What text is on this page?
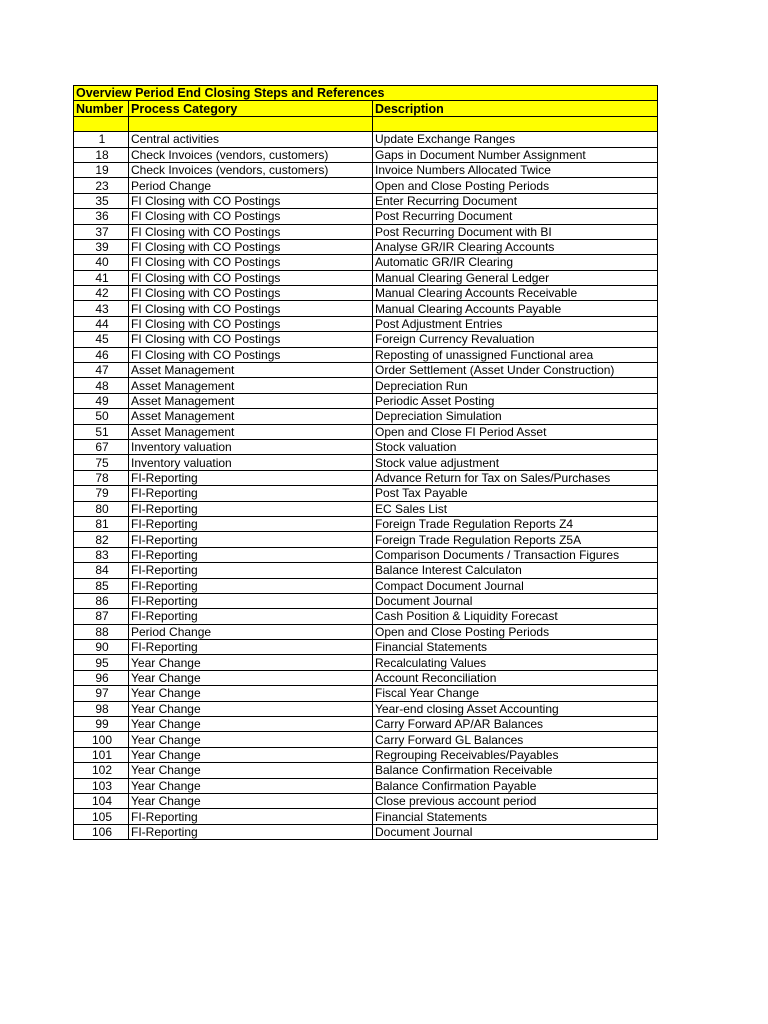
Overview Period End Closing Steps and References		
Number	Process Category	Description

1	Central activities	Update Exchange Ranges
18	Check Invoices (vendors, customers)	Gaps in Document Number Assignment
19	Check Invoices (vendors, customers)	Invoice Numbers Allocated Twice
23	Period Change	Open and Close Posting Periods
35	FI Closing with CO Postings	Enter Recurring Document
36	FI Closing with CO Postings	Post Recurring Document
37	FI Closing with CO Postings	Post Recurring Document with BI
39	FI Closing with CO Postings	Analyse GR/IR Clearing Accounts
40	FI Closing with CO Postings	Automatic GR/IR Clearing
41	FI Closing with CO Postings	Manual Clearing General Ledger
42	FI Closing with CO Postings	Manual Clearing Accounts Receivable
43	FI Closing with CO Postings	Manual Clearing Accounts Payable
44	FI Closing with CO Postings	Post Adjustment Entries
45	FI Closing with CO Postings	Foreign Currency Revaluation
46	FI Closing with CO Postings	Reposting of unassigned Functional area
47	Asset Management	Order Settlement (Asset Under Construction)
48	Asset Management	Depreciation Run
49	Asset Management	Periodic Asset Posting
50	Asset Management	Depreciation Simulation
51	Asset Management	Open and Close FI Period Asset
67	Inventory valuation	Stock valuation
75	Inventory valuation	Stock value adjustment
78	FI-Reporting	Advance Return for Tax on Sales/Purchases
79	FI-Reporting	Post Tax Payable
80	FI-Reporting	EC Sales List
81	FI-Reporting	Foreign Trade Regulation Reports Z4
82	FI-Reporting	Foreign Trade Regulation Reports Z5A
83	FI-Reporting	Comparison Documents / Transaction Figures
84	FI-Reporting	Balance Interest Calculaton
85	FI-Reporting	Compact Document Journal
86	FI-Reporting	Document Journal
87	FI-Reporting	Cash Position & Liquidity Forecast
88	Period Change	Open and Close Posting Periods
90	FI-Reporting	Financial Statements
95	Year Change	Recalculating Values
96	Year Change	Account Reconciliation
97	Year Change	Fiscal Year Change
98	Year Change	Year-end closing Asset Accounting
99	Year Change	Carry Forward AP/AR Balances
100	Year Change	Carry Forward GL Balances
101	Year Change	Regrouping Receivables/Payables
102	Year Change	Balance Confirmation Receivable
103	Year Change	Balance Confirmation Payable
104	Year Change	Close previous account period
105	FI-Reporting	Financial Statements
106	FI-Reporting	Document Journal
